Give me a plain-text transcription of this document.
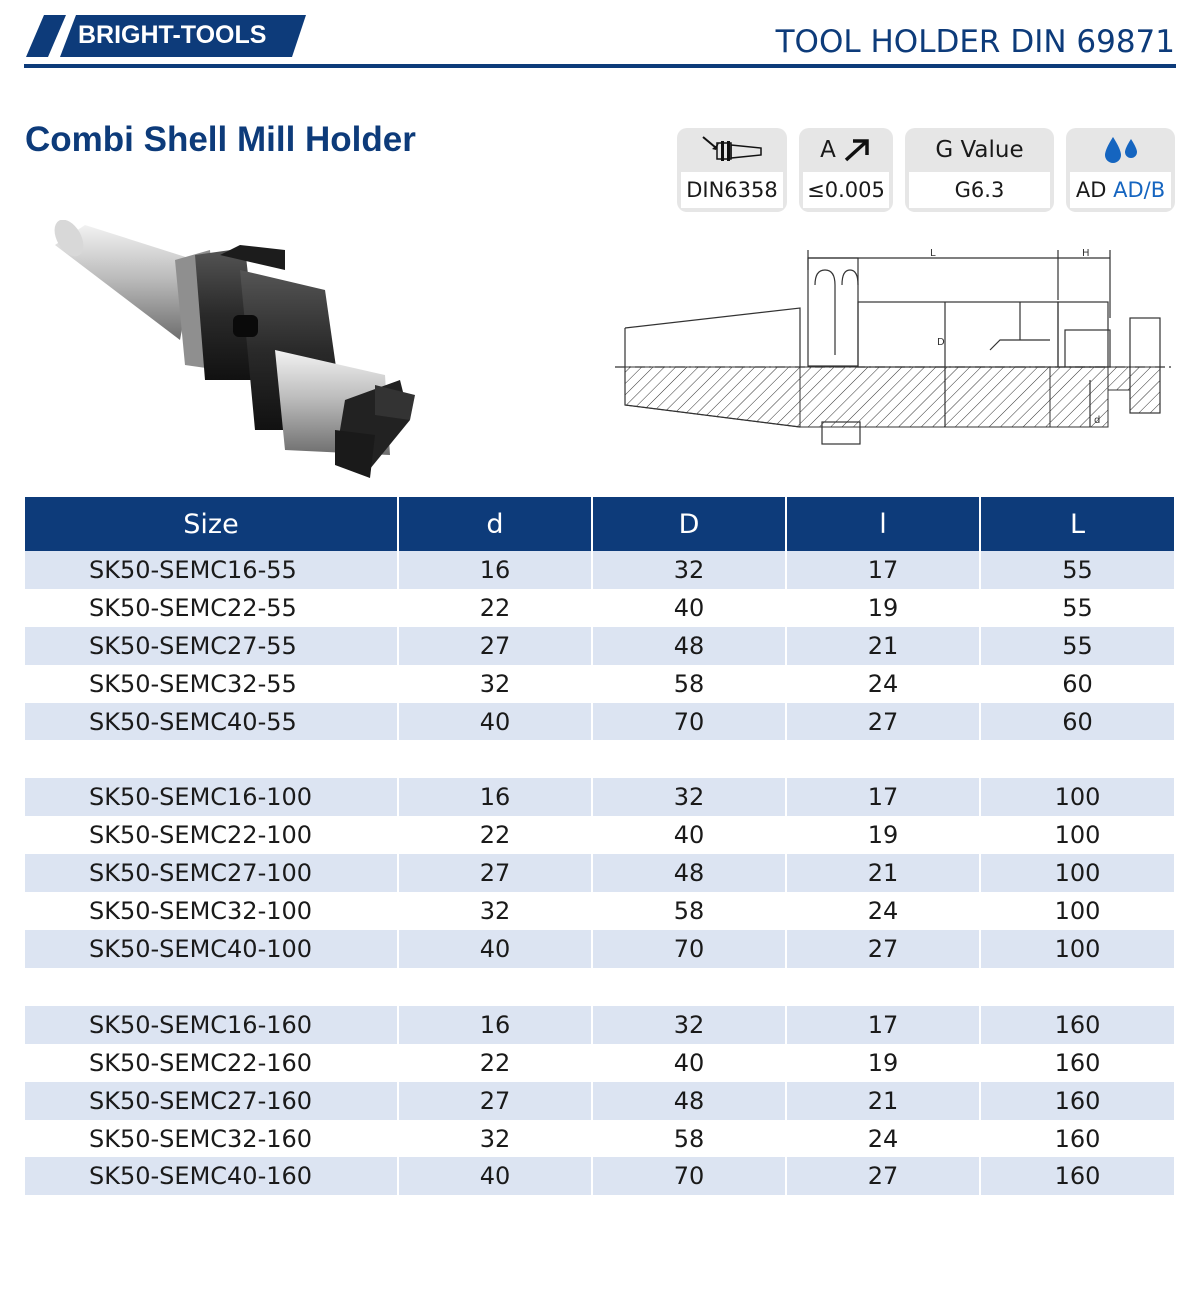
BRIGHT-TOOLS	TOOL HOLDER DIN 69871
Combi Shell Mill Holder
DIN6358
A
≤0.005
G Value
G6.3	AD
AD/B
L	H
D
d
Size	d	D	l	L
SK50-SEMC16-55	16	32	17	55
SK50-SEMC22-55	22	40	19	55
SK50-SEMC27-55	27	48	21	55
SK50-SEMC32-55	32	58	24	60
SK50-SEMC40-55	40	70	27	60

SK50-SEMC16-100	16	32	17	100
SK50-SEMC22-100	22	40	19	100
SK50-SEMC27-100	27	48	21	100
SK50-SEMC32-100	32	58	24	100
SK50-SEMC40-100	40	70	27	100

SK50-SEMC16-160	16	32	17	160
SK50-SEMC22-160	22	40	19	160
SK50-SEMC27-160	27	48	21	160
SK50-SEMC32-160	32	58	24	160
SK50-SEMC40-160	40	70	27	160
